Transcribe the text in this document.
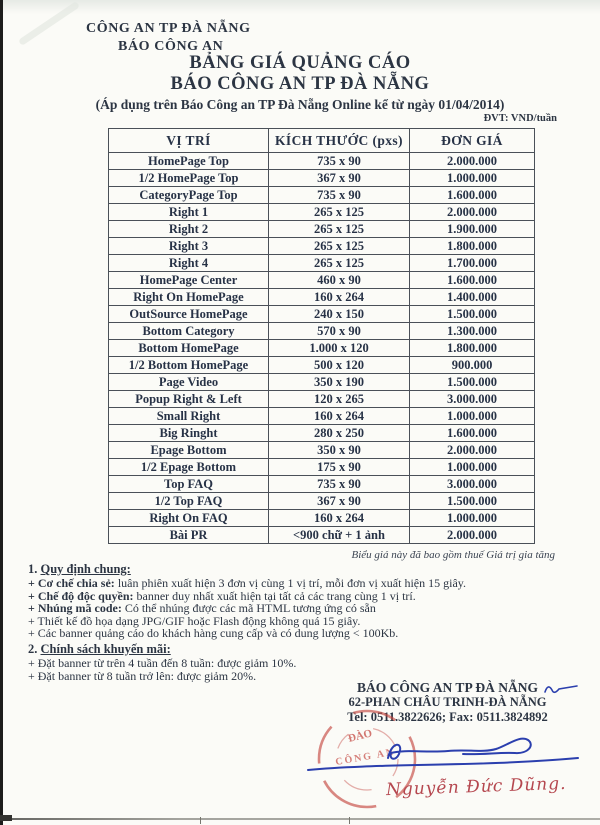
CÔNG AN TP ĐÀ NẴNG
BÁO CÔNG AN
BẢNG GIÁ QUẢNG CÁO
BÁO CÔNG AN TP ĐÀ NẴNG
(Áp dụng trên Báo Công an TP Đà Nẵng Online kể từ ngày 01/04/2014)
ĐVT: VND/tuần
VỊ TRÍ	KÍCH THƯỚC (pxs)	ĐƠN GIÁ
HomePage Top	735 x 90	2.000.000
1/2 HomePage Top	367 x 90	1.000.000
CategoryPage Top	735 x 90	1.600.000
Right 1	265 x 125	2.000.000
Right 2	265 x 125	1.900.000
Right 3	265 x 125	1.800.000
Right 4	265 x 125	1.700.000
HomePage Center	460 x 90	1.600.000
Right On HomePage	160 x 264	1.400.000
OutSource HomePage	240 x 150	1.500.000
Bottom Category	570 x 90	1.300.000
Bottom HomePage	1.000 x 120	1.800.000
1/2 Bottom HomePage	500 x 120	900.000
Page Video	350 x 190	1.500.000
Popup Right & Left	120 x 265	3.000.000
Small Right	160 x 264	1.000.000
Big Ringht	280 x 250	1.600.000
Epage Bottom	350 x 90	2.000.000
1/2 Epage Bottom	175 x 90	1.000.000
Top FAQ	735 x 90	3.000.000
1/2 Top FAQ	367 x 90	1.500.000
Right On FAQ	160 x 264	1.000.000
Bài PR	<900 chữ + 1 ảnh	2.000.000
Biểu giá này đã bao gồm thuế Giá trị gia tăng
1. Quy định chung:
+ Cơ chế chia sẻ: luân phiên xuất hiện 3 đơn vị cùng 1 vị trí, mỗi đơn vị xuất hiện 15 giây.
+ Chế độ độc quyền: banner duy nhất xuất hiện tại tất cả các trang cùng 1 vị trí.
+ Nhúng mã code: Có thể nhúng được các mã HTML tương ứng có sẵn
+ Thiết kế đồ họa dạng JPG/GIF hoặc Flash động không quá 15 giây.
+ Các banner quảng cáo do khách hàng cung cấp và có dung lượng < 100Kb.
2. Chính sách khuyến mãi:
+ Đặt banner từ trên 4 tuần đến 8 tuần: được giảm 10%.
+ Đặt banner từ 8 tuần trở lên: được giảm 20%.
BÁO CÔNG AN TP ĐÀ NẴNG
62-PHAN CHÂU TRINH-ĐÀ NẴNG
Tel: 0511.3822626; Fax: 0511.3824892
ĐÀO
CÔNG AN
Nguyễn Đức Dũng.
